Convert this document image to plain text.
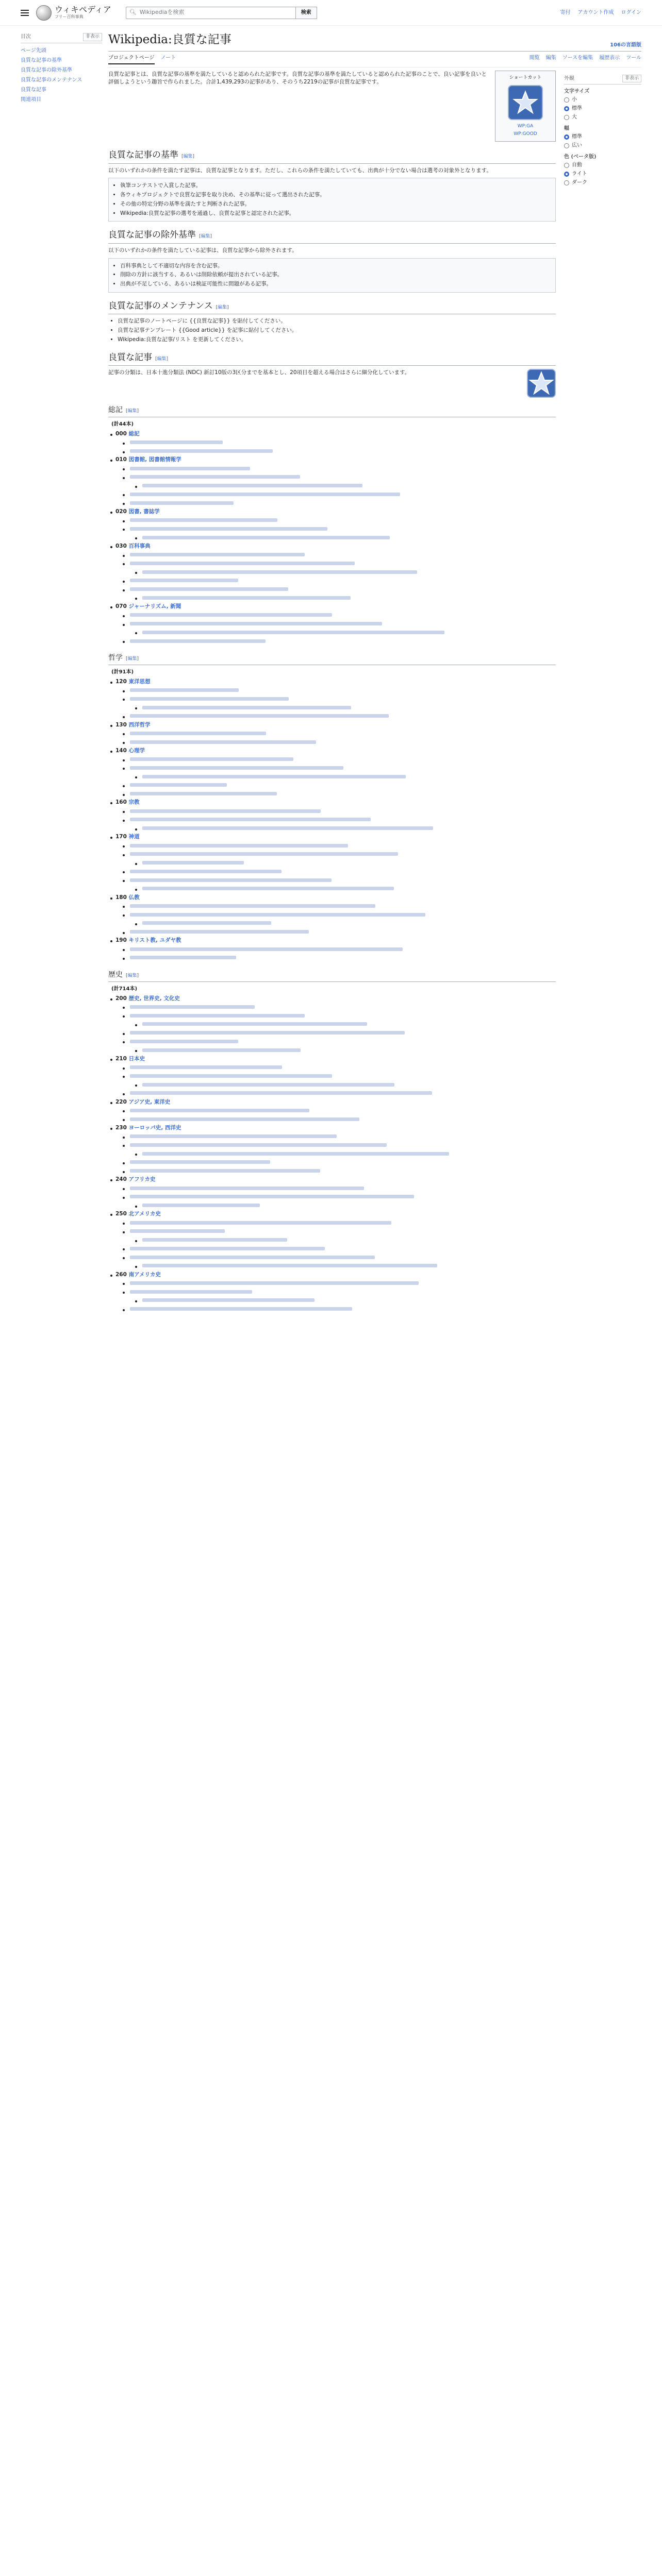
ウィキペディア
フリー百科事典
🔍︎ Wikipediaを検索	検索	寄付 アカウント作成 ログイン
目次	非表示
ページ先頭
良質な記事の基準
良質な記事の除外基準
良質な記事のメンテナンス
良質な記事
関連項目
Wikipedia:良質な記事	106の言語版
プロジェクトページ ノート	閲覧 編集 ソースを編集 履歴表示 ツール

良質な記事とは、良質な記事の基準を満たしていると認められた記事です。良質な記事の基準を満たしていると認められた記事のことで、良い記事を良いと評価しようという趣旨で作られました。合計1,439,293の記事があり、そのうち2219の記事が良質な記事です。

ショートカット
WP:GA
WP:GOOD
良質な記事の基準 [編集]

以下のいずれかの条件を満たす記事は、良質な記事となります。ただし、これらの条件を満たしていても、出典が十分でない場合は選考の対象外となります。

• 執筆コンテストで入賞した記事。
• 各ウィキプロジェクトで良質な記事を取り決め、その基準に従って選出された記事。
• その他の特定分野の基準を満たすと判断された記事。
• Wikipedia:良質な記事の選考を通過し、良質な記事と認定された記事。
良質な記事の除外基準 [編集]

以下のいずれかの条件を満たしている記事は、良質な記事から除外されます。

• 百科事典として不適切な内容を含む記事。
• 削除の方針に該当する、あるいは削除依頼が提出されている記事。
• 出典が不足している、あるいは検証可能性に問題がある記事。
良質な記事のメンテナンス [編集]
• 良質な記事のノートページに {{良質な記事}} を貼付してください。
• 良質な記事テンプレート {{Good article}} を記事に貼付してください。
• Wikipedia:良質な記事/リスト を更新してください。
良質な記事 [編集]

記事の分類は、日本十進分類法 (NDC) 新訂10版の3区分までを基本とし、20項目を超える場合はさらに細分化しています。

総記 [編集]
(計44本)
000 総記
010 図書館, 図書館情報学
020 図書, 書誌学
030 百科事典
070 ジャーナリズム, 新聞
哲学 [編集]
(計91本)
120 東洋思想
130 西洋哲学
140 心理学
160 宗教
170 神道
180 仏教
190 キリスト教, ユダヤ教
歴史 [編集]
(計714本)
200 歴史, 世界史, 文化史
210 日本史
220 アジア史, 東洋史
230 ヨーロッパ史, 西洋史
240 アフリカ史
250 北アメリカ史
260 南アメリカ史
外観	非表示
文字サイズ
小
標準
大
幅
標準
広い
色 (ベータ版)
自動
ライト
ダーク
